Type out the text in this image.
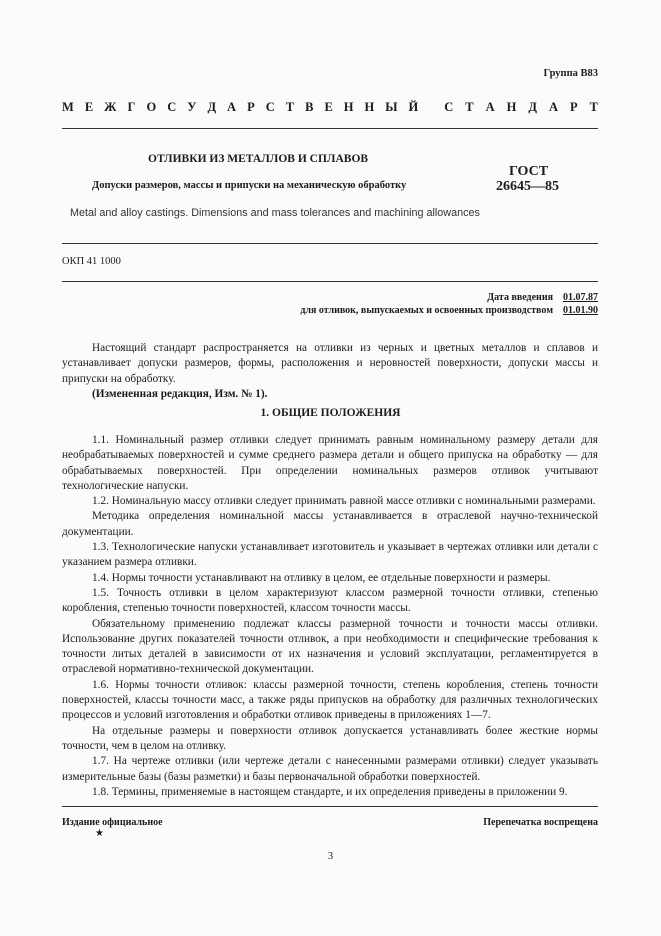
Группа В83
М Е Ж Г О С У Д А Р С Т В Е Н Н Ы Й С Т А Н Д А Р Т
ОТЛИВКИ ИЗ МЕТАЛЛОВ И СПЛАВОВ
Допуски размеров, массы и припуски на механическую обработку
ГОСТ
26645—85
Metal and alloy castings. Dimensions and mass tolerances and machining allowances
ОКП 41 1000
Дата введения 01.07.87
для отливок, выпускаемых и освоенных производством 01.01.90

Настоящий стандарт распространяется на отливки из черных и цветных металлов и сплавов и устанавливает допуски размеров, формы, расположения и неровностей поверхности, допуски массы и припуски на обработку.

(Измененная редакция, Изм. № 1).

1. ОБЩИЕ ПОЛОЖЕНИЯ

1.1. Номинальный размер отливки следует принимать равным номинальному размеру детали для необрабатываемых поверхностей и сумме среднего размера детали и общего припуска на обработку — для обрабатываемых поверхностей. При определении номинальных размеров отливок учитывают технологические напуски.

1.2. Номинальную массу отливки следует принимать равной массе отливки с номинальными размерами.

Методика определения номинальной массы устанавливается в отраслевой научно-технической документации.

1.3. Технологические напуски устанавливает изготовитель и указывает в чертежах отливки или детали с указанием размера отливки.

1.4. Нормы точности устанавливают на отливку в целом, ее отдельные поверхности и размеры.

1.5. Точность отливки в целом характеризуют классом размерной точности отливки, степенью коробления, степенью точности поверхностей, классом точности массы.

Обязательному применению подлежат классы размерной точности и точности массы отливки. Использование других показателей точности отливок, а при необходимости и специфические требования к точности литых деталей в зависимости от их назначения и условий эксплуатации, регламентируется в отраслевой нормативно-технической документации.

1.6. Нормы точности отливок: классы размерной точности, степень коробления, степень точности поверхностей, классы точности масс, а также ряды припусков на обработку для различных технологических процессов и условий изготовления и обработки отливок приведены в приложениях 1—7.

На отдельные размеры и поверхности отливок допускается устанавливать более жесткие нормы точности, чем в целом на отливку.

1.7. На чертеже отливки (или чертеже детали с нанесенными размерами отливки) следует указывать измерительные базы (базы разметки) и базы первоначальной обработки поверхностей.

1.8. Термины, применяемые в настоящем стандарте, и их определения приведены в приложении 9.

Издание официальное
★
Перепечатка воспрещена
3
